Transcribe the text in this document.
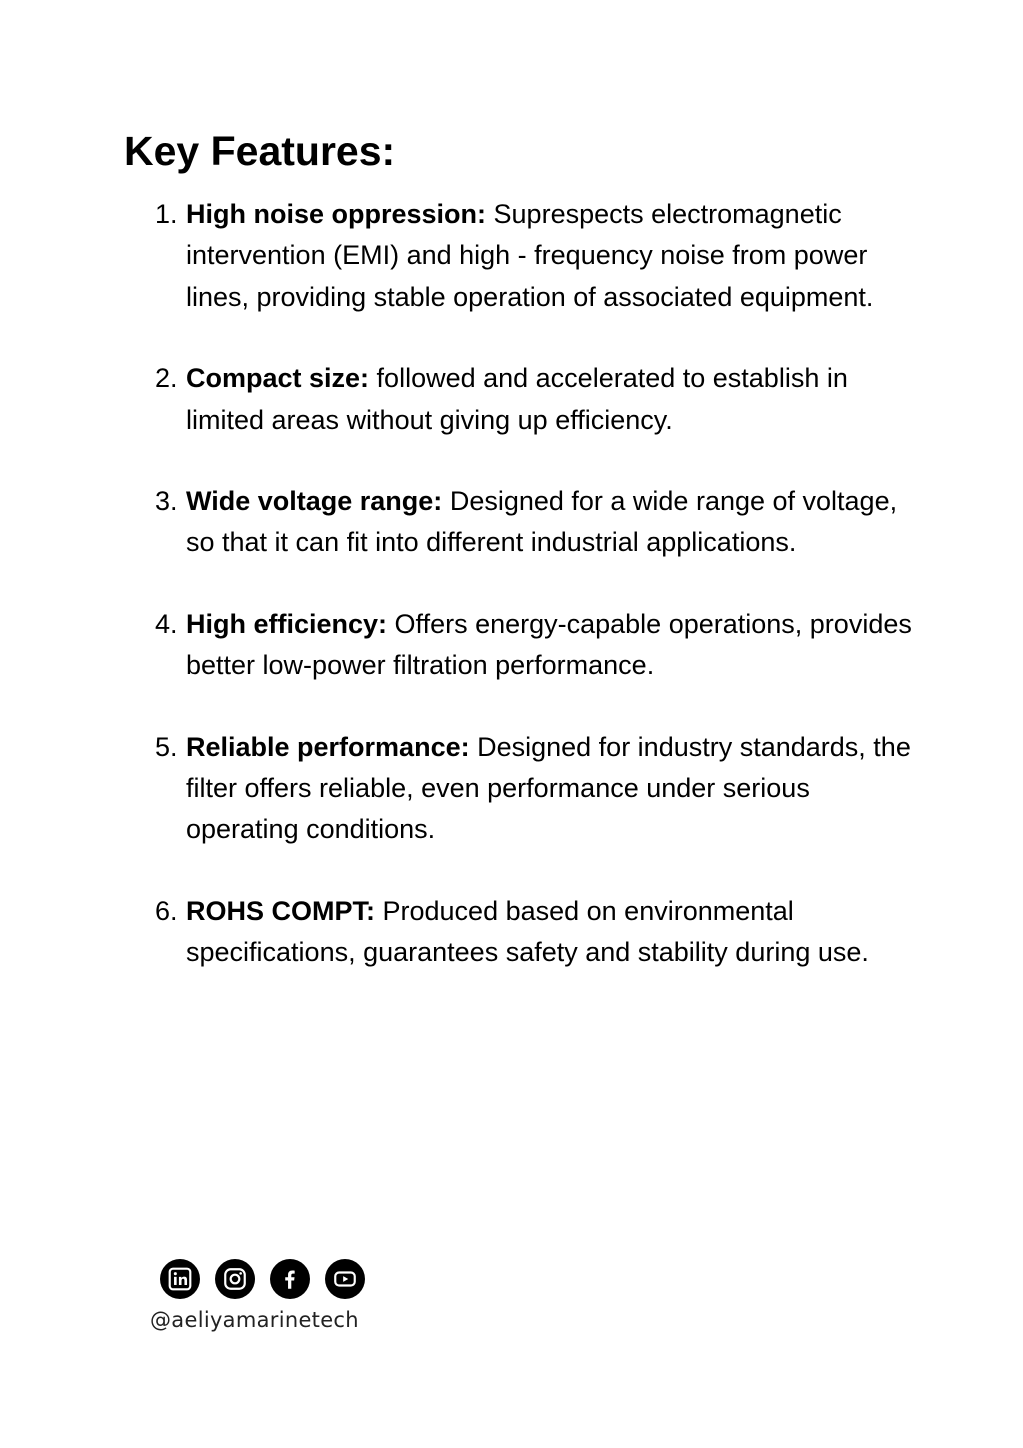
Key Features:
1. High noise oppression: Suprespects electromagnetic intervention (EMI) and high - frequency noise from power lines, providing stable operation of associated equipment.
2. Compact size: followed and accelerated to establish in limited areas without giving up efficiency.
3. Wide voltage range: Designed for a wide range of voltage, so that it can fit into different industrial applications.
4. High efficiency: Offers energy-capable operations, provides better low-power filtration performance.
5. Reliable performance: Designed for industry standards, the filter offers reliable, even performance under serious operating conditions.
6. ROHS COMPT: Produced based on environmental specifications, guarantees safety and stability during use.
@aeliyamarinetech
